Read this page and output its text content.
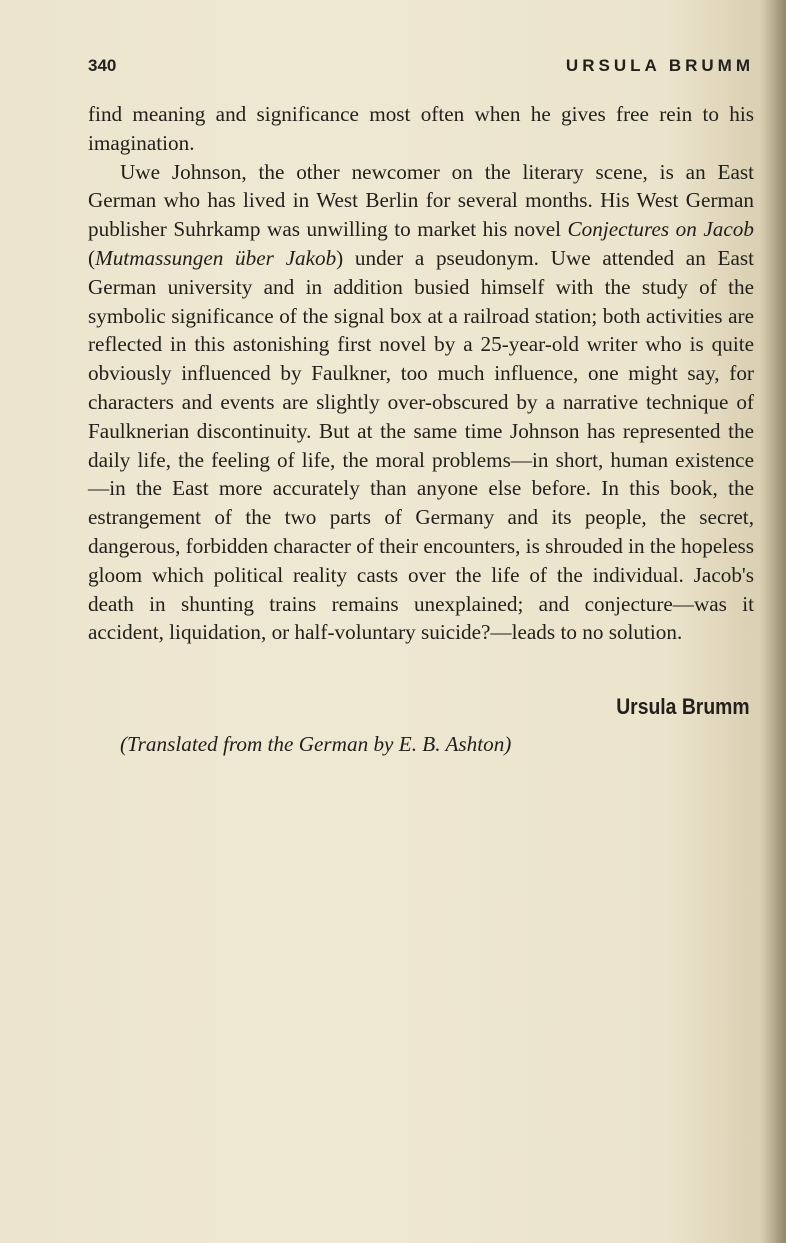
340	URSULA BRUMM

find meaning and significance most often when he gives free rein to his imagination.

Uwe Johnson, the other newcomer on the literary scene, is an East German who has lived in West Berlin for several months. His West German publisher Suhrkamp was unwilling to market his novel Conjectures on Jacob (Mutmassungen über Jakob) under a pseudonym. Uwe attended an East German university and in addition busied himself with the study of the symbolic significance of the signal box at a railroad station; both activities are reflected in this astonishing first novel by a 25-year-old writer who is quite obviously influenced by Faulkner, too much influence, one might say, for characters and events are slightly over-obscured by a narrative technique of Faulknerian discontinuity. But at the same time Johnson has represented the daily life, the feeling of life, the moral problems—in short, human existence—in the East more accurately than anyone else before. In this book, the estrangement of the two parts of Germany and its people, the secret, dangerous, forbidden character of their encounters, is shrouded in the hopeless gloom which political reality casts over the life of the individual. Jacob's death in shunting trains remains unexplained; and conjecture—was it accident, liquidation, or half-voluntary suicide?—leads to no solution.

Ursula Brumm
(Translated from the German by E. B. Ashton)
